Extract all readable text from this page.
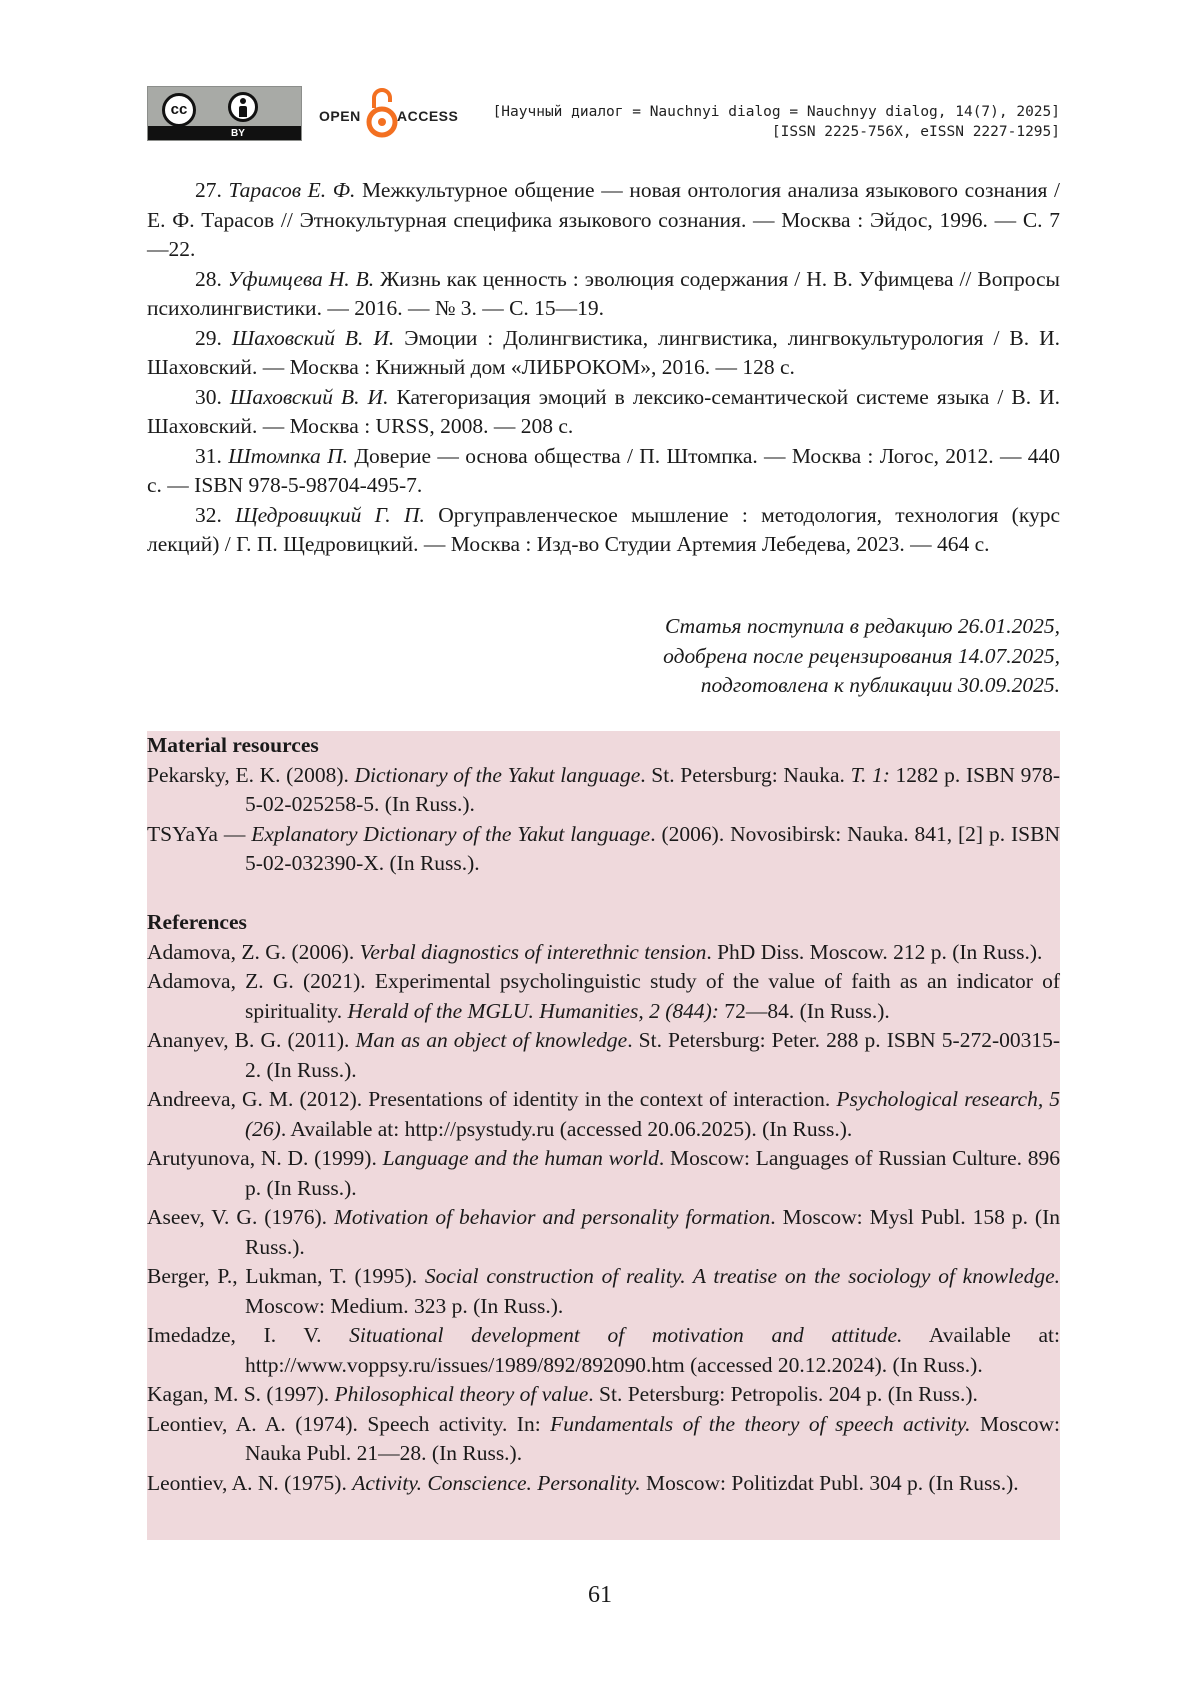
cc
BY
OPEN	ACCESS [Научный диалог = Nauchnyi dialog = Nauchnyy dialog, 14(7), 2025]
[ISSN 2225-756X, eISSN 2227-1295]

27. Тарасов Е. Ф. Межкультурное общение — новая онтология анализа языкового сознания / Е. Ф. Тарасов // Этнокультурная специфика языкового сознания. — Москва : Эйдос, 1996. — С. 7—22.

28. Уфимцева Н. В. Жизнь как ценность : эволюция содержания / Н. В. Уфимцева // Вопросы психолингвистики. — 2016. — № 3. — С. 15—19.

29. Шаховский В. И. Эмоции : Долингвистика, лингвистика, лингвокультурология / В. И. Шаховский. — Москва : Книжный дом «ЛИБРОКОМ», 2016. — 128 с.

30. Шаховский В. И. Категоризация эмоций в лексико-семантической системе языка / В. И. Шаховский. — Москва : URSS, 2008. — 208 с.

31. Штомпка П. Доверие — основа общества / П. Штомпка. — Москва : Логос, 2012. — 440 с. — ISBN 978-5-98704-495-7.

32. Щедровицкий Г. П. Оргуправленческое мышление : методология, технология (курс лекций) / Г. П. Щедровицкий. — Москва : Изд-во Студии Артемия Лебедева, 2023. — 464 с.

Статья поступила в редакцию 26.01.2025,
одобрена после рецензирования 14.07.2025,
подготовлена к публикации 30.09.2025.

Material resources

Pekarsky, E. K. (2008). Dictionary of the Yakut language. St. Petersburg: Nauka. T. 1: 1282 p. ISBN 978-5-02-025258-5. (In Russ.).

TSYaYa — Explanatory Dictionary of the Yakut language. (2006). Novosibirsk: Nauka. 841, [2] p. ISBN 5-02-032390-X. (In Russ.).

References

Adamova, Z. G. (2006). Verbal diagnostics of interethnic tension. PhD Diss. Moscow. 212 p. (In Russ.).

Adamova, Z. G. (2021). Experimental psycholinguistic study of the value of faith as an indicator of spirituality. Herald of the MGLU. Humanities, 2 (844): 72—84. (In Russ.).

Ananyev, B. G. (2011). Man as an object of knowledge. St. Petersburg: Peter. 288 p. ISBN 5-272-00315-2. (In Russ.).

Andreeva, G. M. (2012). Presentations of identity in the context of interaction. Psychological research, 5 (26). Available at: http://psystudy.ru (accessed 20.06.2025). (In Russ.).

Arutyunova, N. D. (1999). Language and the human world. Moscow: Languages of Russian Culture. 896 p. (In Russ.).

Aseev, V. G. (1976). Motivation of behavior and personality formation. Moscow: Mysl Publ. 158 p. (In Russ.).

Berger, P., Lukman, T. (1995). Social construction of reality. A treatise on the sociology of knowledge. Moscow: Medium. 323 p. (In Russ.).

Imedadze, I. V. Situational development of motivation and attitude. Available at: http://www.voppsy.ru/issues/1989/892/892090.htm (accessed 20.12.2024). (In Russ.).

Kagan, M. S. (1997). Philosophical theory of value. St. Petersburg: Petropolis. 204 p. (In Russ.).

Leontiev, A. A. (1974). Speech activity. In: Fundamentals of the theory of speech activity. Moscow: Nauka Publ. 21—28. (In Russ.).

Leontiev, A. N. (1975). Activity. Conscience. Personality. Moscow: Politizdat Publ. 304 p. (In Russ.).

61
